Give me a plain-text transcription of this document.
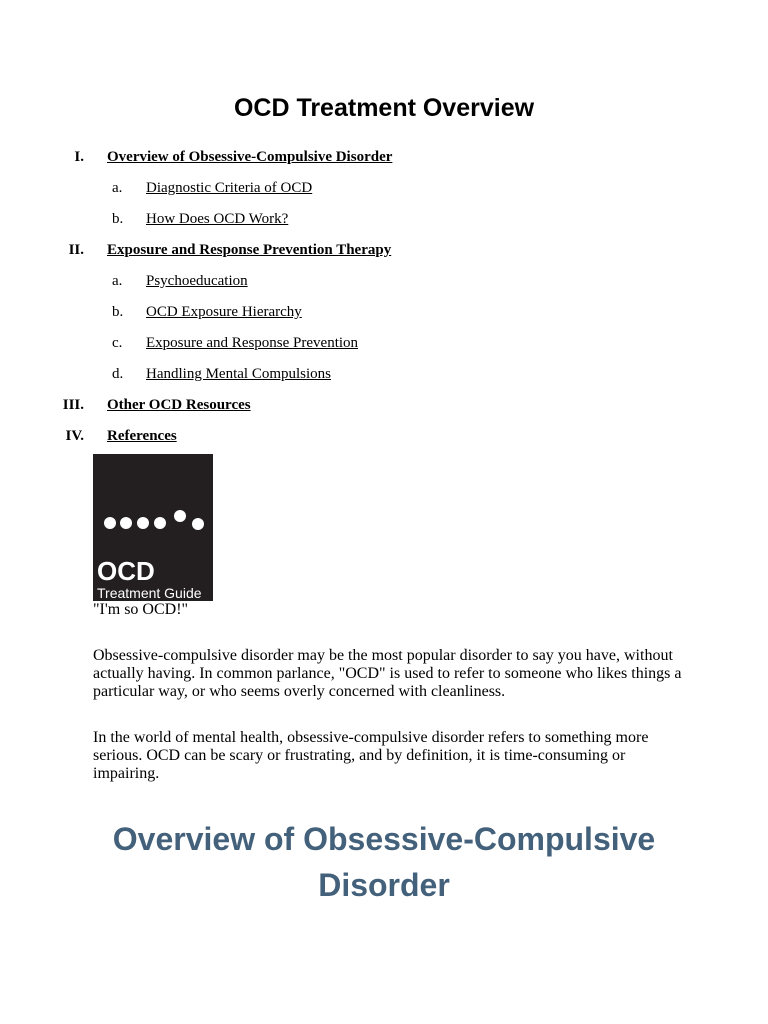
OCD Treatment Overview
I. Overview of Obsessive-Compulsive Disorder
a.	Diagnostic Criteria of OCD
b.	How Does OCD Work?
II. Exposure and Response Prevention Therapy
a.	Psychoeducation
b.	OCD Exposure Hierarchy
c.	Exposure and Response Prevention
d.	Handling Mental Compulsions
III. Other OCD Resources
IV. References
OCD
Treatment Guide
"I'm so OCD!"
Obsessive-compulsive disorder may be the most popular disorder to say you have, without actually having. In common parlance, "OCD" is used to refer to someone who likes things a particular way, or who seems overly concerned with cleanliness.
In the world of mental health, obsessive-compulsive disorder refers to something more serious. OCD can be scary or frustrating, and by definition, it is time-consuming or impairing.
Overview of Obsessive-Compulsive
Disorder
